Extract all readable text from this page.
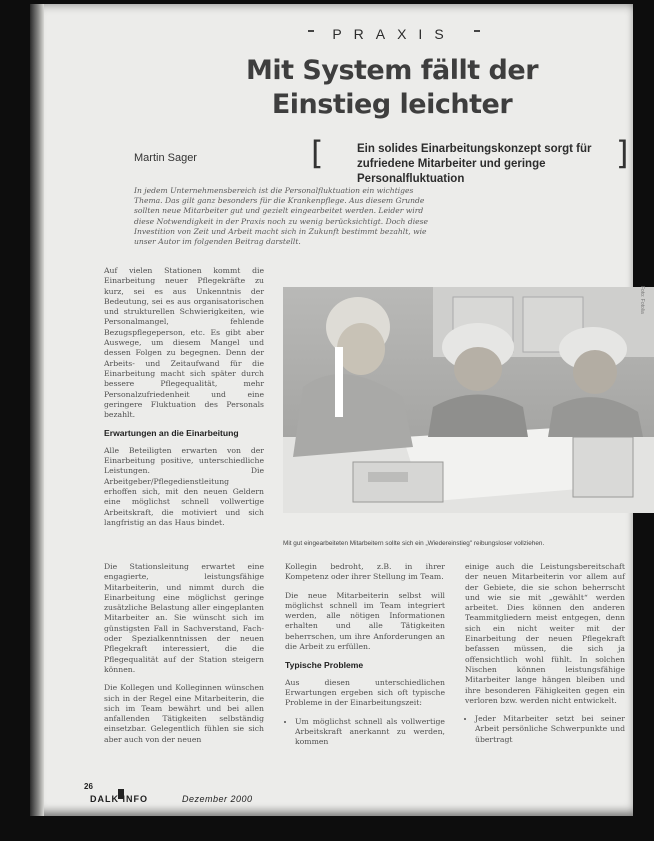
PRAXIS
Mit System fällt der Einstieg leichter
Martin Sager	[	Ein solides Einarbeitungskonzept sorgt für zufriedene Mitarbeiter und geringe Personalfluktuation
]
In jedem Unternehmensbereich ist die Personalfluktuation ein wichtiges Thema. Das gilt ganz besonders für die Krankenpflege. Aus diesem Grunde sollten neue Mitarbeiter gut und gezielt eingearbeitet werden. Leider wird diese Notwendigkeit in der Praxis noch zu wenig berücksichtigt. Doch diese Investition von Zeit und Arbeit macht sich in Zukunft bestimmt bezahlt, wie unser Autor im folgenden Beitrag darstellt.

Auf vielen Stationen kommt die Einarbeitung neuer Pflegekräfte zu kurz, sei es aus Unkenntnis der Bedeutung, sei es aus organisatorischen und strukturellen Schwierigkeiten, wie Personalmangel, fehlende Bezugspflegeperson, etc. Es gibt aber Auswege, um diesem Mangel und dessen Folgen zu begegnen. Denn der Arbeits- und Zeitaufwand für die Einarbeitung macht sich später durch bessere Pflegequalität, mehr Personalzufriedenheit und eine geringere Fluktuation des Personals bezahlt.

Erwartungen an die Einarbeitung

Alle Beteiligten erwarten von der Einarbeitung positive, unterschiedliche Leistungen. Die Arbeitgeber/Pflegedienstleitung erhoffen sich, mit den neuen Geldern eine möglichst schnell vollwertige Arbeitskraft, die motiviert und sich langfristig an das Haus bindet.

Foto: Fotolia
Mit gut eingearbeiteten Mitarbeitern sollte sich ein „Wiedereinstieg" reibungsloser vollziehen.

Die Stationsleitung erwartet eine engagierte, leistungsfähige Mitarbeiterin, und nimmt durch die Einarbeitung eine möglichst geringe zusätzliche Belastung aller eingeplanten Mitarbeiter an. Sie wünscht sich im günstigsten Fall in Sachverstand, Fach- oder Spezialkenntnissen der neuen Pflegekraft interessiert, die die Pflegequalität auf der Station steigern können.

Die Kollegen und Kolleginnen wünschen sich in der Regel eine Mitarbeiterin, die sich im Team bewährt und bei allen anfallenden Tätigkeiten selbständig einsetzbar. Gelegentlich fühlen sie sich aber auch von der neuen

Kollegin bedroht, z.B. in ihrer Kompetenz oder ihrer Stellung im Team.

Die neue Mitarbeiterin selbst will möglichst schnell im Team integriert werden, alle nötigen Informationen erhalten und alle Tätigkeiten beherrschen, um ihre Anforderungen an die Arbeit zu erfüllen.

Typische Probleme

Aus diesen unterschiedlichen Erwartungen ergeben sich oft typische Probleme in der Einarbeitungszeit:

• Um möglichst schnell als vollwertige Arbeitskraft anerkannt zu werden, kommen

einige auch die Leistungsbereitschaft der neuen Mitarbeiterin vor allem auf der Gebiete, die sie schon beherrscht und wie sie mit „gewählt“ werden arbeitet. Dies können den anderen Teammitgliedern meist entgegen, denn sich ein nicht weiter mit der Einarbeitung der neuen Pflegekraft befassen müssen, die sich ja offensichtlich wohl fühlt. In solchen Nischen können leistungsfähige Mitarbeiter lange hängen bleiben und ihre besonderen Fähigkeiten gegen ein verloren bzw. werden nicht entwickelt.

• Jeder Mitarbeiter setzt bei seiner Arbeit persönliche Schwerpunkte und übertragt
26
DALK INFO	Dezember 2000
